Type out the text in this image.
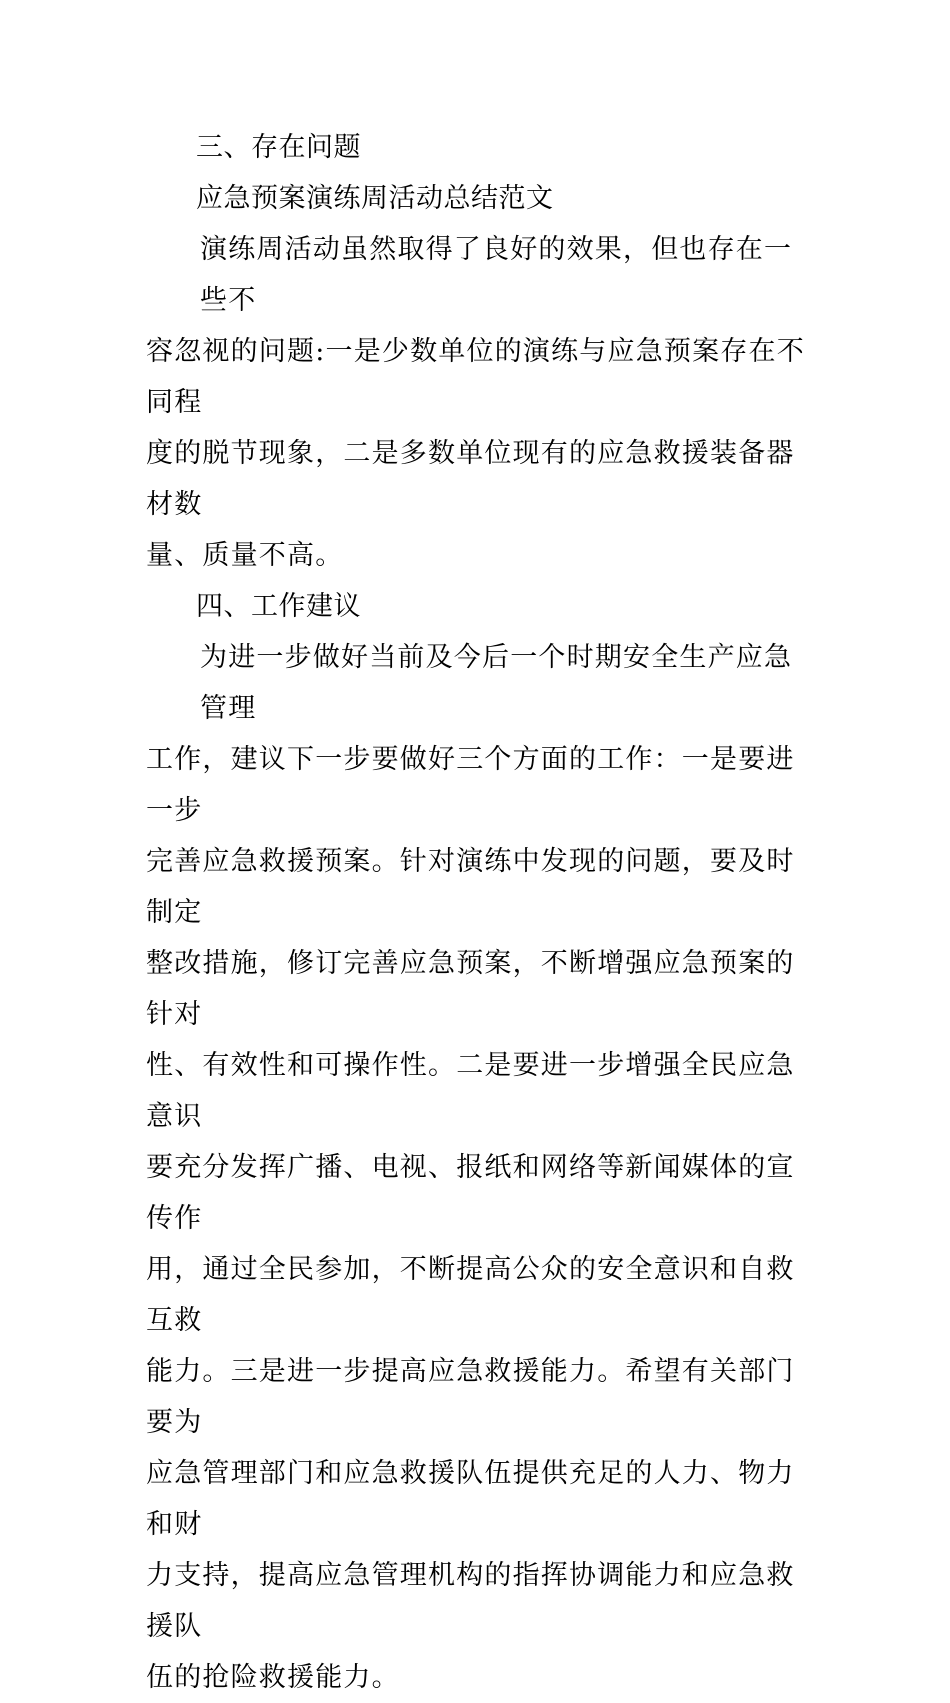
三、存在问题

应急预案演练周活动总结范文

演练周活动虽然取得了良好的效果，但也存在一些不
容忽视的问题:一是少数单位的演练与应急预案存在不同程
度的脱节现象，二是多数单位现有的应急救援装备器材数
量、质量不高。

四、工作建议

为进一步做好当前及今后一个时期安全生产应急管理
工作，建议下一步要做好三个方面的工作：一是要进一步
完善应急救援预案。针对演练中发现的问题，要及时制定
整改措施，修订完善应急预案，不断增强应急预案的针对
性、有效性和可操作性。二是要进一步增强全民应急意识
要充分发挥广播、电视、报纸和网络等新闻媒体的宣传作
用，通过全民参加，不断提高公众的安全意识和自救互救
能力。三是进一步提高应急救援能力。希望有关部门要为
应急管理部门和应急救援队伍提供充足的人力、物力和财
力支持，提高应急管理机构的指挥协调能力和应急救援队
伍的抢险救援能力。
